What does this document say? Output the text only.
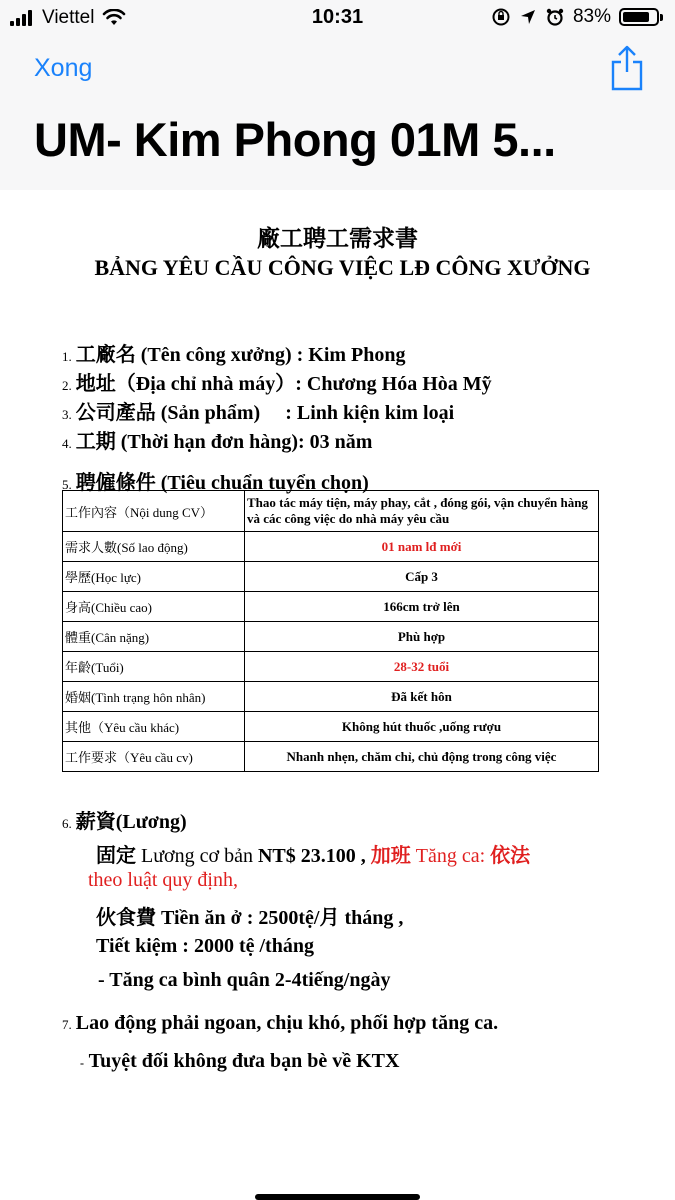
Viettel	10:31	83%
Xong
UM- Kim Phong 01M 5...
廠工聘工需求書
BẢNG YÊU CẦU CÔNG VIỆC LĐ CÔNG XƯỞNG
1. 工廠名 (Tên công xưởng) : Kim Phong
2. 地址（Địa chỉ nhà máy）: Chương Hóa Hòa Mỹ
3. 公司產品 (Sản phẩm)     : Linh kiện kim loại
4. 工期 (Thời hạn đơn hàng): 03 năm
5. 聘僱條件 (Tiêu chuẩn tuyển chọn)
工作內容（Nội dung CV）	Thao tác máy tiện, máy phay, cắt , đóng gói, vận chuyển hàng và các công việc do nhà máy yêu cầu
需求人數(Số lao động)	01 nam lđ mới
學歷(Học lực)	Cấp 3
身高(Chiều cao)	166cm trở lên
體重(Cân nặng)	Phù hợp
年齡(Tuổi)	28-32 tuổi
婚姻(Tình trạng hôn nhân)	Đã kết hôn
其他（Yêu cầu khác)	Không hút thuốc ,uống rượu
工作要求（Yêu cầu cv)	Nhanh nhẹn, chăm chỉ, chủ động trong công việc
6. 薪資(Lương)
固定 Lương cơ bản NT$ 23.100 , 加班 Tăng ca: 依法
theo luật quy định,
伙食費 Tiền ăn ở : 2500tệ/月 tháng ,
Tiết kiệm : 2000 tệ /tháng
- Tăng ca bình quân 2-4tiếng/ngày
7. Lao động phải ngoan, chịu khó, phối hợp tăng ca.
- Tuyệt đối không đưa bạn bè về KTX
